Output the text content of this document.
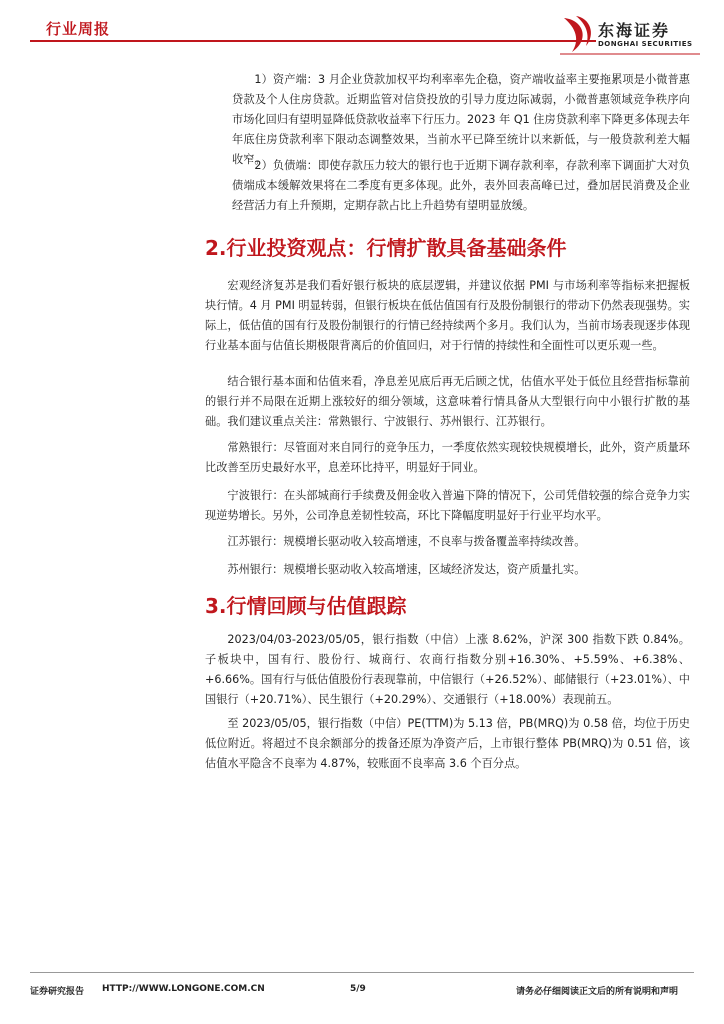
行业周报	东海证券
DONGHAI SECURITIES

1）资产端：3 月企业贷款加权平均利率率先企稳，资产端收益率主要拖累项是小微普惠贷款及个人住房贷款。近期监管对信贷投放的引导力度边际减弱，小微普惠领域竞争秩序向市场化回归有望明显降低贷款收益率下行压力。2023 年 Q1 住房贷款利率下降更多体现去年年底住房贷款利率下限动态调整效果，当前水平已降至统计以来新低，与一般贷款利差大幅收窄。

2）负债端：即使存款压力较大的银行也于近期下调存款利率，存款利率下调面扩大对负债端成本缓解效果将在二季度有更多体现。此外，表外回表高峰已过，叠加居民消费及企业经营活力有上升预期，定期存款占比上升趋势有望明显放缓。

2.行业投资观点：行情扩散具备基础条件

宏观经济复苏是我们看好银行板块的底层逻辑，并建议依据 PMI 与市场利率等指标来把握板块行情。4 月 PMI 明显转弱，但银行板块在低估值国有行及股份制银行的带动下仍然表现强势。实际上，低估值的国有行及股份制银行的行情已经持续两个多月。我们认为，当前市场表现逐步体现行业基本面与估值长期极限背离后的价值回归，对于行情的持续性和全面性可以更乐观一些。

结合银行基本面和估值来看，净息差见底后再无后顾之忧，估值水平处于低位且经营指标靠前的银行并不局限在近期上涨较好的细分领域，这意味着行情具备从大型银行向中小银行扩散的基础。我们建议重点关注：常熟银行、宁波银行、苏州银行、江苏银行。

常熟银行：尽管面对来自同行的竞争压力，一季度依然实现较快规模增长，此外，资产质量环比改善至历史最好水平，息差环比持平，明显好于同业。

宁波银行：在头部城商行手续费及佣金收入普遍下降的情况下，公司凭借较强的综合竞争力实现逆势增长。另外，公司净息差韧性较高，环比下降幅度明显好于行业平均水平。

江苏银行：规模增长驱动收入较高增速，不良率与拨备覆盖率持续改善。

苏州银行：规模增长驱动收入较高增速，区域经济发达，资产质量扎实。

3.行情回顾与估值跟踪

2023/04/03-2023/05/05，银行指数（中信）上涨 8.62%，沪深 300 指数下跌 0.84%。子板块中，国有行、股份行、城商行、农商行指数分别+16.30%、+5.59%、+6.38%、+6.66%。国有行与低估值股份行表现靠前，中信银行（+26.52%）、邮储银行（+23.01%）、中国银行（+20.71%）、民生银行（+20.29%）、交通银行（+18.00%）表现前五。

至 2023/05/05，银行指数（中信）PE(TTM)为 5.13 倍，PB(MRQ)为 0.58 倍，均位于历史低位附近。将超过不良余额部分的拨备还原为净资产后，上市银行整体 PB(MRQ)为 0.51 倍，该估值水平隐含不良率为 4.87%，较账面不良率高 3.6 个百分点。

证券研究报告 HTTP://WWW.LONGONE.COM.CN	5/9	请务必仔细阅读正文后的所有说明和声明
